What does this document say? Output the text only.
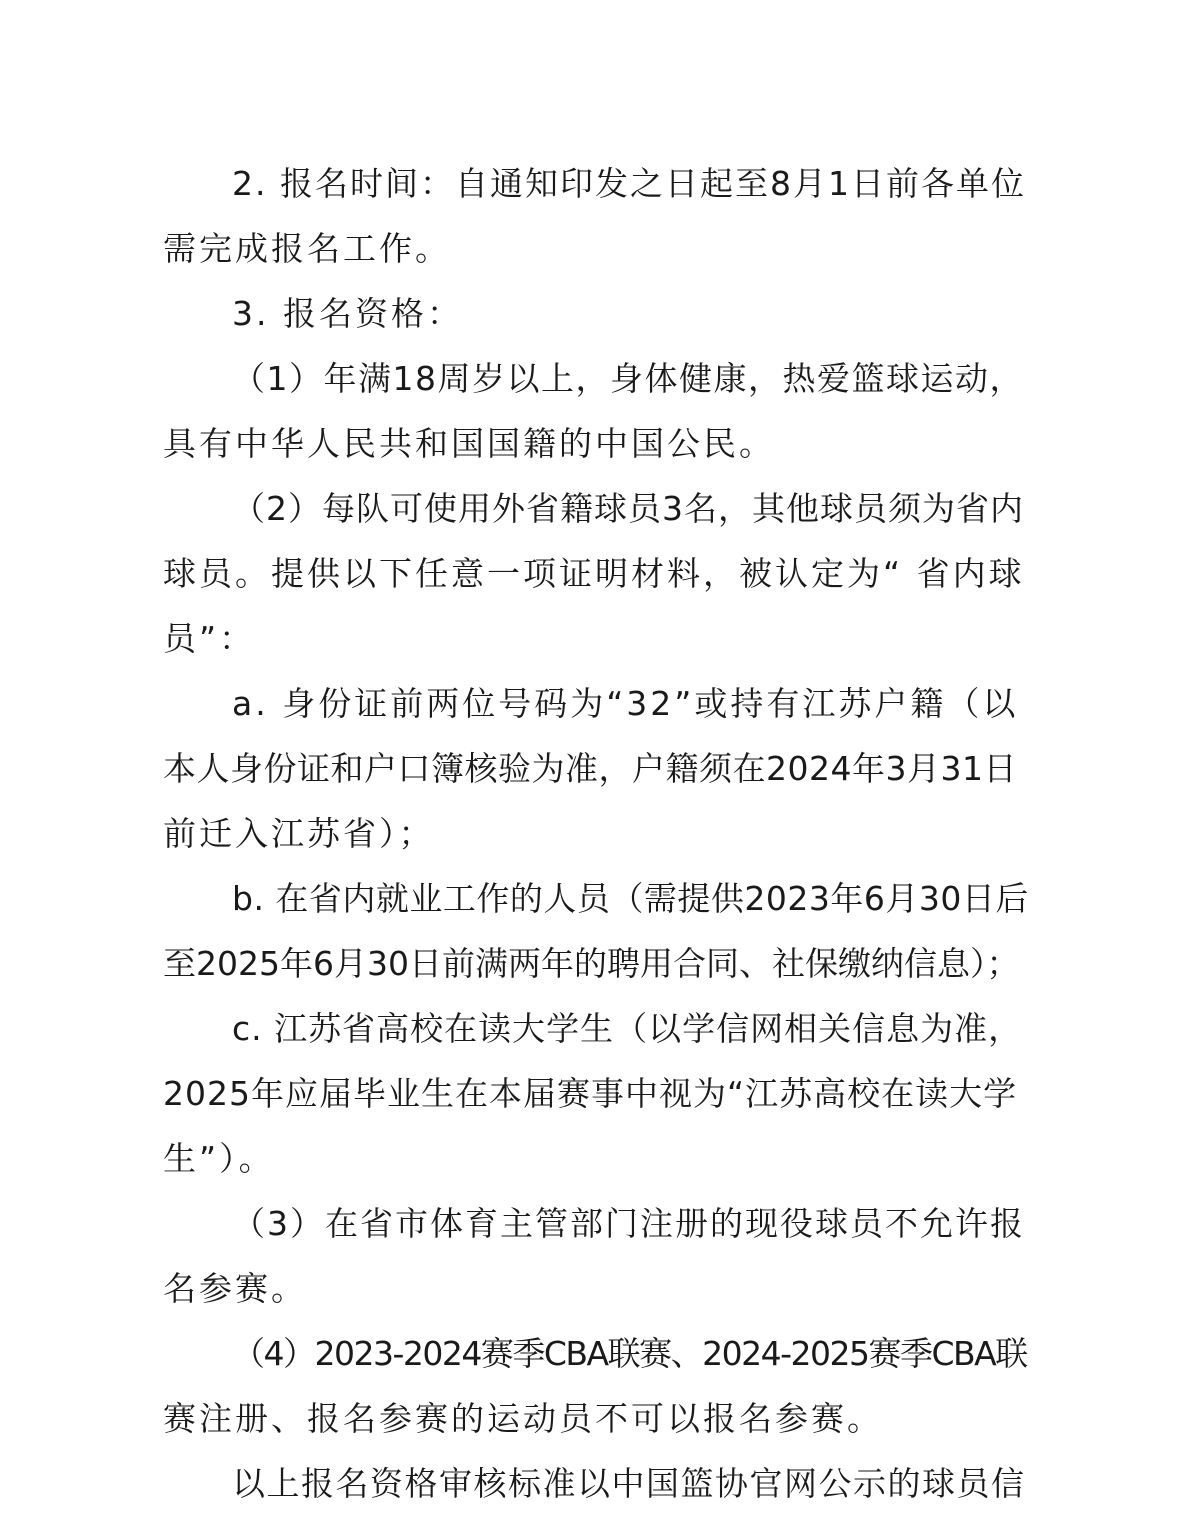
2. 报名时间：自通知印发之日起至8月1日前各单位
需完成报名工作。
3. 报名资格：
（1）年满18周岁以上，身体健康，热爱篮球运动，
具有中华人民共和国国籍的中国公民。
（2）每队可使用外省籍球员3名，其他球员须为省内
球员。提供以下任意一项证明材料，被认定为“ 省内球
员”：
a. 身份证前两位号码为“32”或持有江苏户籍（以
本人身份证和户口簿核验为准，户籍须在2024年3月31日
前迁入江苏省）；
b. 在省内就业工作的人员（需提供2023年6月30日后
至2025年6月30日前满两年的聘用合同、社保缴纳信息）；
c. 江苏省高校在读大学生（以学信网相关信息为准，
2025年应届毕业生在本届赛事中视为“江苏高校在读大学
生”）。
（3）在省市体育主管部门注册的现役球员不允许报
名参赛。
（4）2023-2024赛季CBA联赛、2024-2025赛季CBA联
赛注册、报名参赛的运动员不可以报名参赛。
以上报名资格审核标准以中国篮协官网公示的球员信
